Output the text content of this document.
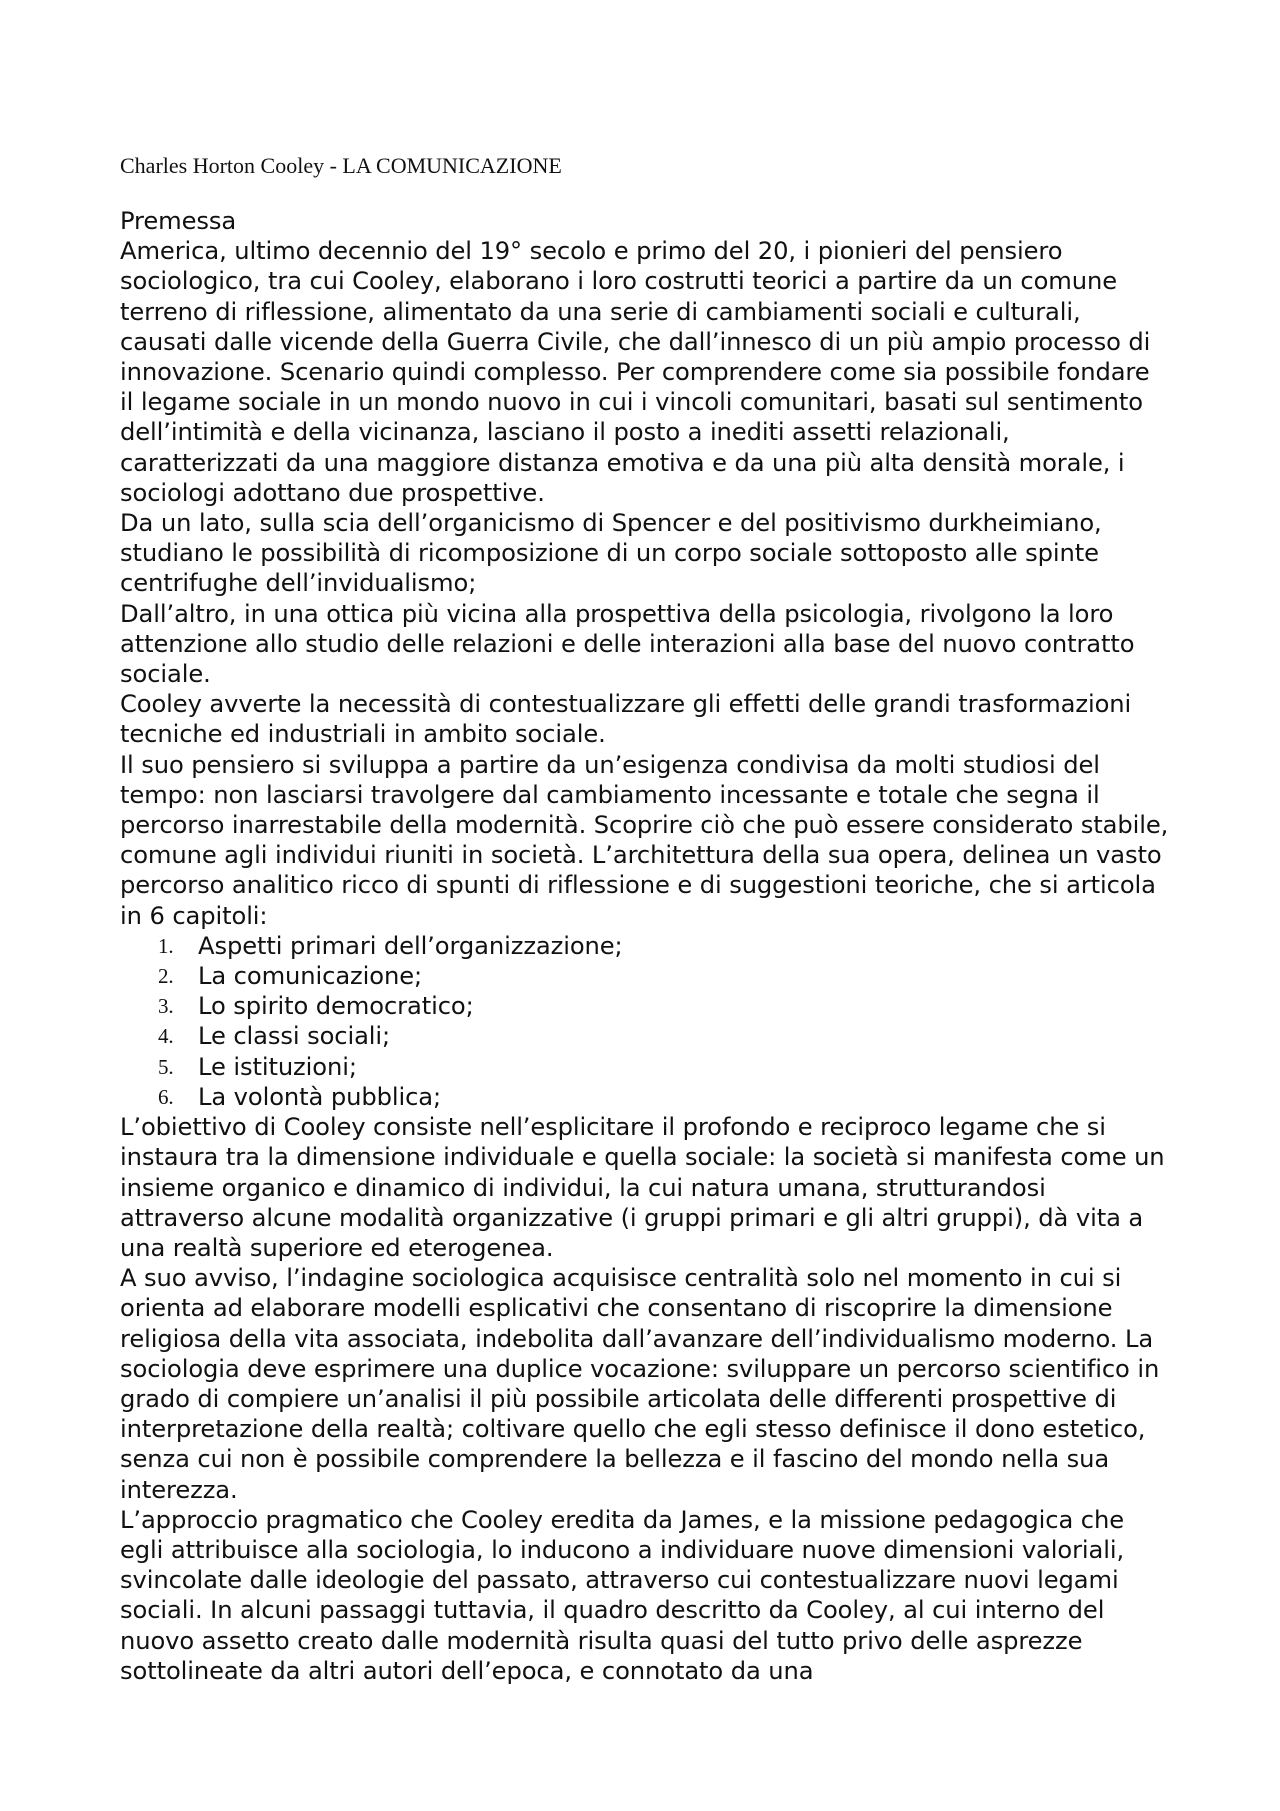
Charles Horton Cooley - LA COMUNICAZIONE
Premessa

America, ultimo decennio del 19° secolo e primo del 20, i pionieri del pensiero sociologico, tra cui Cooley, elaborano i loro costrutti teorici a partire da un comune terreno di riflessione, alimentato da una serie di cambiamenti sociali e culturali, causati dalle vicende della Guerra Civile, che dall’innesco di un più ampio processo di innovazione. Scenario quindi complesso. Per comprendere come sia possibile fondare il legame sociale in un mondo nuovo in cui i vincoli comunitari, basati sul sentimento dell’intimità e della vicinanza, lasciano il posto a inediti assetti relazionali, caratterizzati da una maggiore distanza emotiva e da una più alta densità morale, i sociologi adottano due prospettive.

Da un lato, sulla scia dell’organicismo di Spencer e del positivismo durkheimiano, studiano le possibilità di ricomposizione di un corpo sociale sottoposto alle spinte centrifughe dell’invidualismo;

Dall’altro, in una ottica più vicina alla prospettiva della psicologia, rivolgono la loro attenzione allo studio delle relazioni e delle interazioni alla base del nuovo contratto sociale.

Cooley avverte la necessità di contestualizzare gli effetti delle grandi trasformazioni tecniche ed industriali in ambito sociale.

Il suo pensiero si sviluppa a partire da un’esigenza condivisa da molti studiosi del tempo: non lasciarsi travolgere dal cambiamento incessante e totale che segna il percorso inarrestabile della modernità. Scoprire ciò che può essere considerato stabile, comune agli individui riuniti in società. L’architettura della sua opera, delinea un vasto percorso analitico ricco di spunti di riflessione e di suggestioni teoriche, che si articola in 6 capitoli:

1. Aspetti primari dell’organizzazione;
2. La comunicazione;
3. Lo spirito democratico;
4. Le classi sociali;
5. Le istituzioni;
6. La volontà pubblica;

L’obiettivo di Cooley consiste nell’esplicitare il profondo e reciproco legame che si instaura tra la dimensione individuale e quella sociale: la società si manifesta come un insieme organico e dinamico di individui, la cui natura umana, strutturandosi attraverso alcune modalità organizzative (i gruppi primari e gli altri gruppi), dà vita a una realtà superiore ed eterogenea.

A suo avviso, l’indagine sociologica acquisisce centralità solo nel momento in cui si orienta ad elaborare modelli esplicativi che consentano di riscoprire la dimensione religiosa della vita associata, indebolita dall’avanzare dell’individualismo moderno. La sociologia deve esprimere una duplice vocazione: sviluppare un percorso scientifico in grado di compiere un’analisi il più possibile articolata delle differenti prospettive di interpretazione della realtà; coltivare quello che egli stesso definisce il dono estetico, senza cui non è possibile comprendere la bellezza e il fascino del mondo nella sua interezza.

L’approccio pragmatico che Cooley eredita da James, e la missione pedagogica che egli attribuisce alla sociologia, lo inducono a individuare nuove dimensioni valoriali, svincolate dalle ideologie del passato, attraverso cui contestualizzare nuovi legami sociali. In alcuni passaggi tuttavia, il quadro descritto da Cooley, al cui interno del nuovo assetto creato dalle modernità risulta quasi del tutto privo delle asprezze sottolineate da altri autori dell’epoca, e connotato da una
